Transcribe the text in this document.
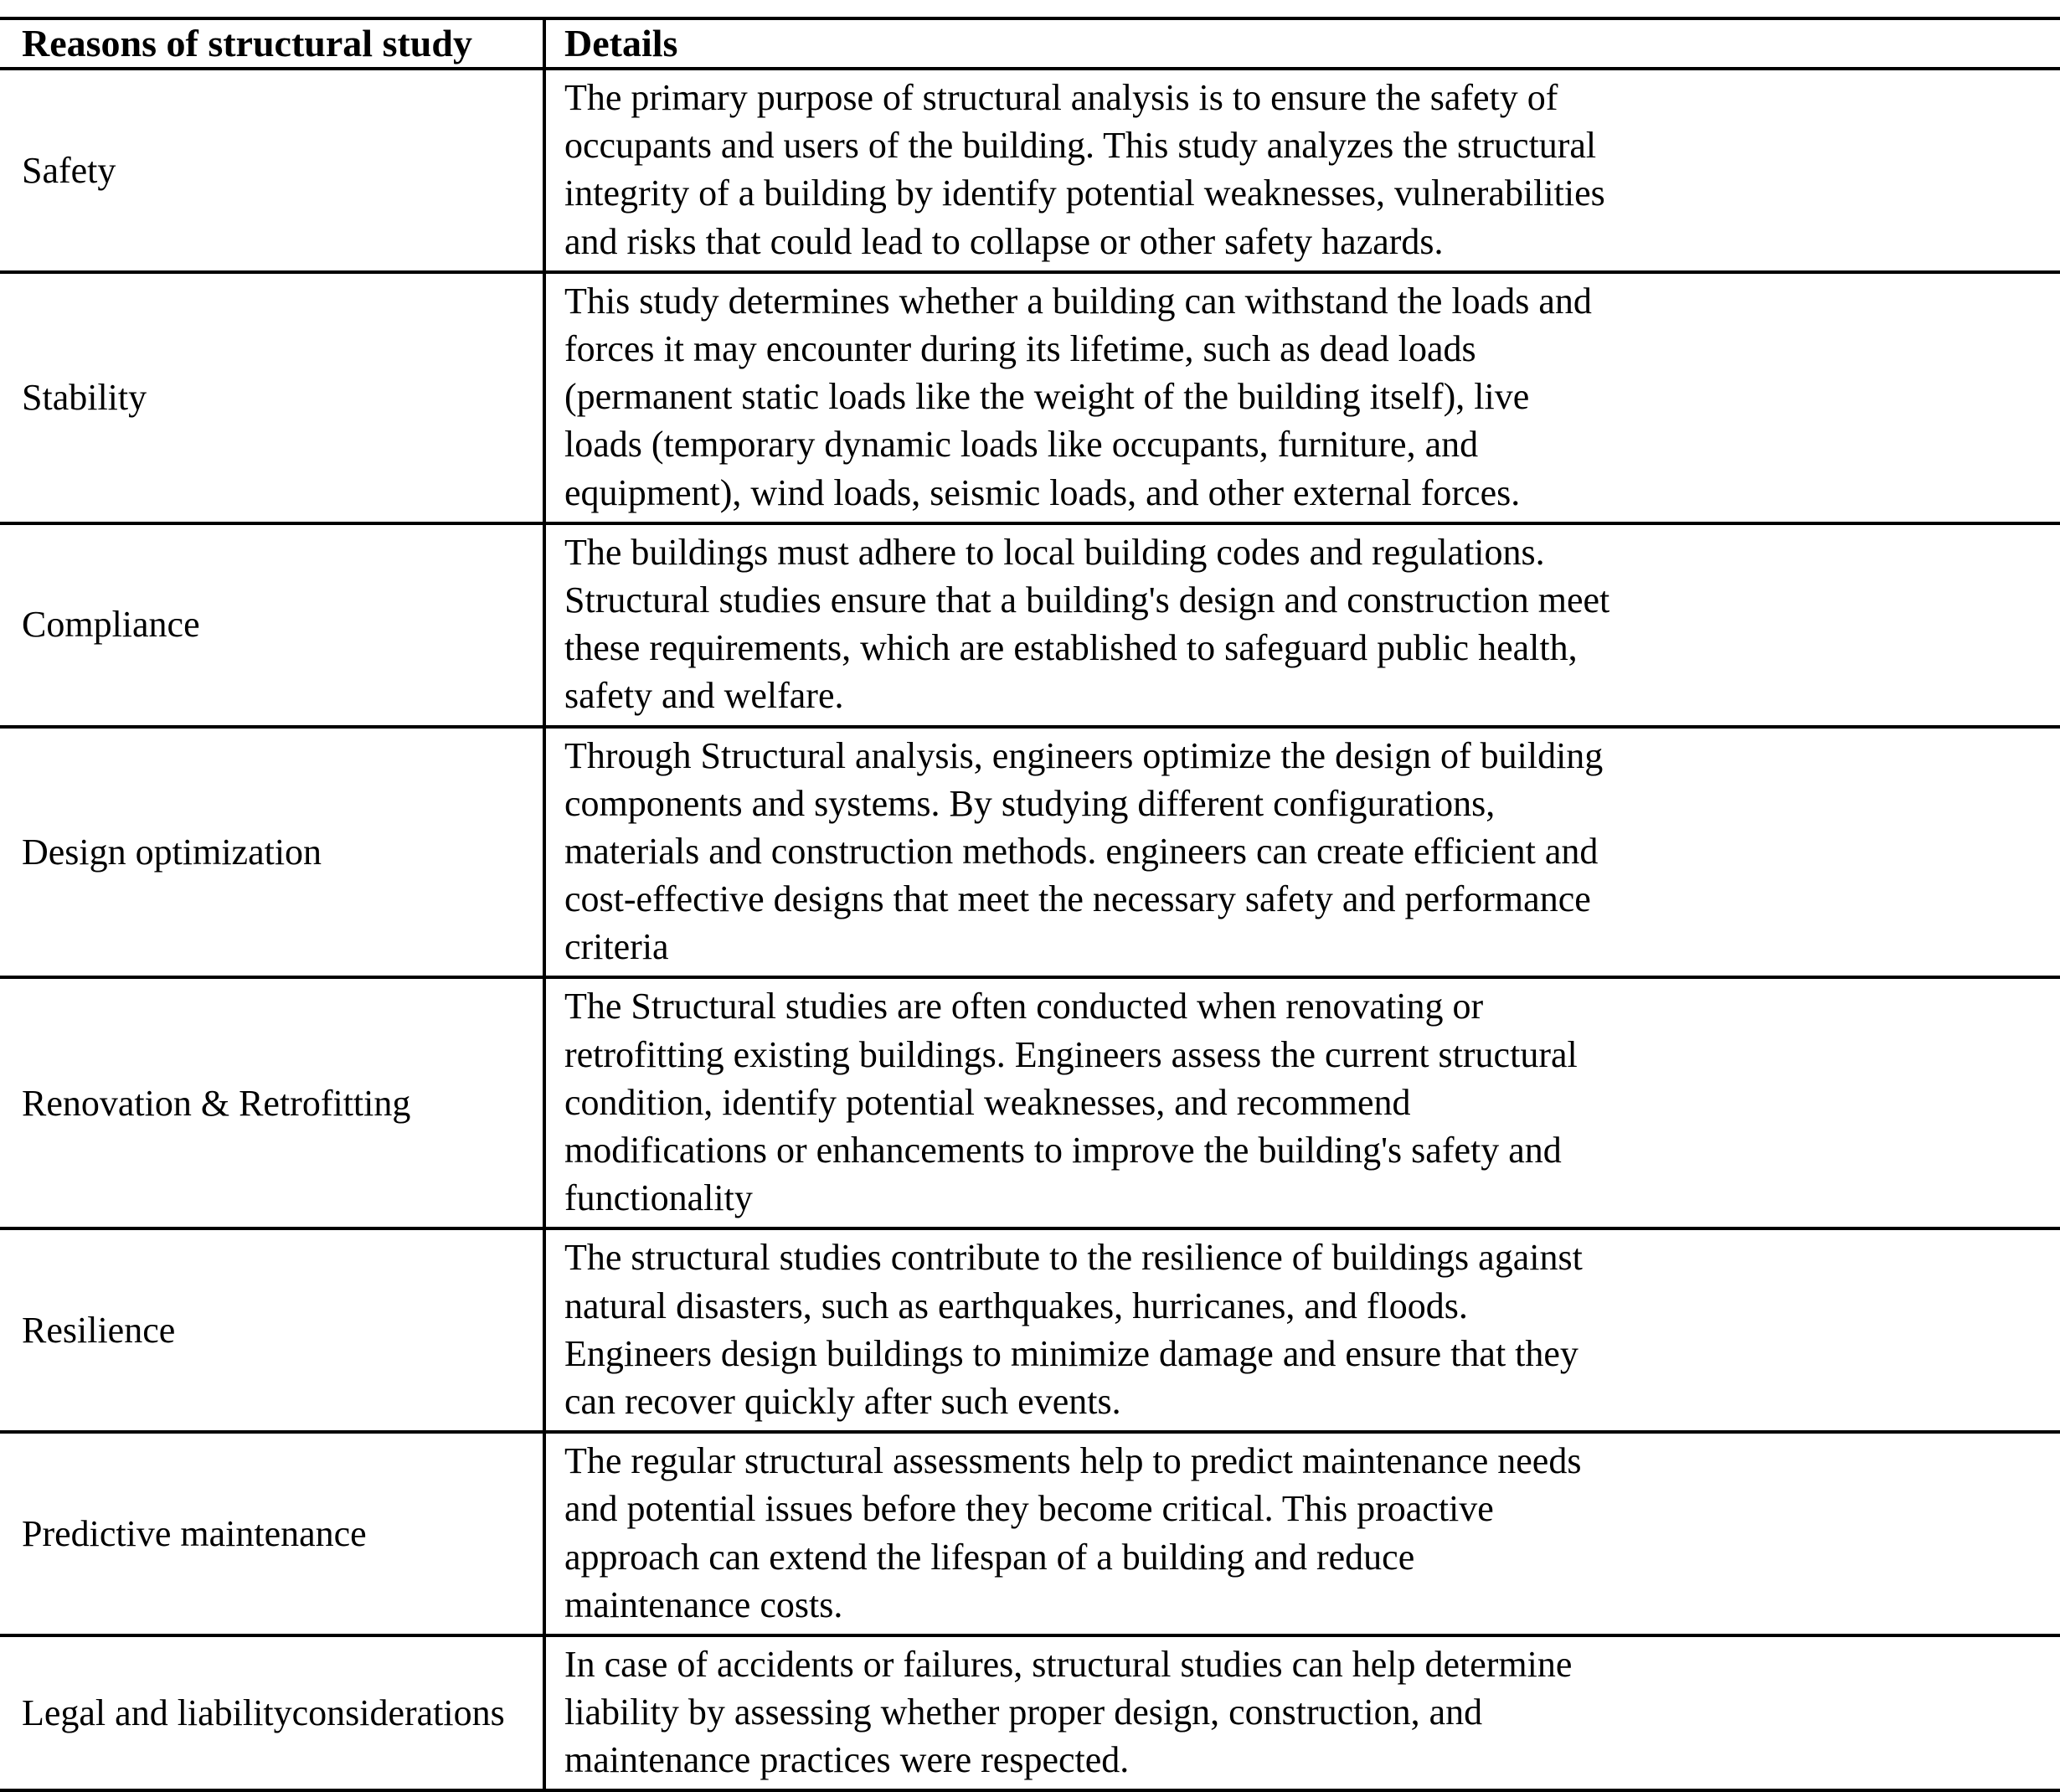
Reasons of structural study	Details
Safety	The primary purpose of structural analysis is to ensure the safety of
occupants and users of the building. This study analyzes the structural
integrity of a building by identify potential weaknesses, vulnerabilities
and risks that could lead to collapse or other safety hazards.

Stability	This study determines whether a building can withstand the loads and
forces it may encounter during its lifetime, such as dead loads
(permanent static loads like the weight of the building itself), live
loads (temporary dynamic loads like occupants, furniture, and
equipment), wind loads, seismic loads, and other external forces.

Compliance	The buildings must adhere to local building codes and regulations.
Structural studies ensure that a building's design and construction meet
these requirements, which are established to safeguard public health,
safety and welfare.

Design optimization	Through Structural analysis, engineers optimize the design of building
components and systems. By studying different configurations,
materials and construction methods. engineers can create efficient and
cost-effective designs that meet the necessary safety and performance
criteria

Renovation & Retrofitting	The Structural studies are often conducted when renovating or
retrofitting existing buildings. Engineers assess the current structural
condition, identify potential weaknesses, and recommend
modifications or enhancements to improve the building's safety and
functionality

Resilience	The structural studies contribute to the resilience of buildings against
natural disasters, such as earthquakes, hurricanes, and floods.
Engineers design buildings to minimize damage and ensure that they
can recover quickly after such events.

Predictive maintenance	The regular structural assessments help to predict maintenance needs
and potential issues before they become critical. This proactive
approach can extend the lifespan of a building and reduce
maintenance costs.

Legal and liabilityconsiderations	In case of accidents or failures, structural studies can help determine
liability by assessing whether proper design, construction, and
maintenance practices were respected.
